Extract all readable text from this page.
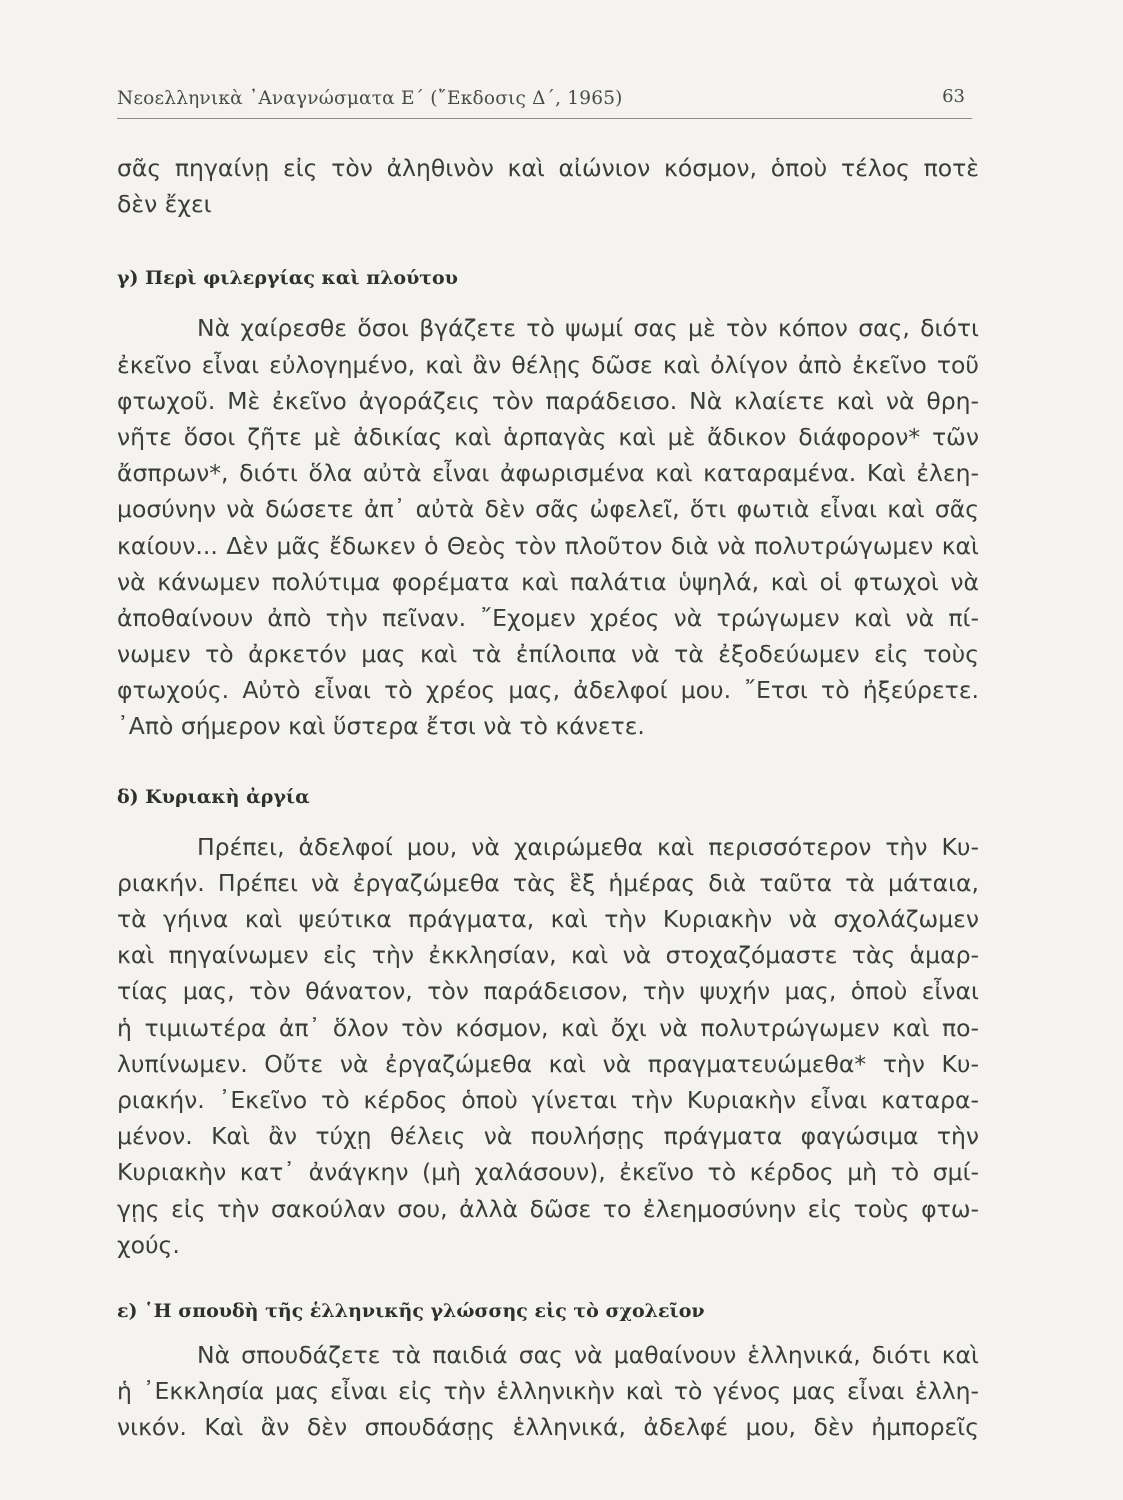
Νεοελληνικὰ ᾿Αναγνώσματα Ε΄ (῎Εκδοσις Δ΄, 1965)	63
σᾶς πηγαίνῃ εἰς τὸν ἀληθινὸν καὶ αἰώνιον κόσμον, ὁποὺ τέλος ποτὲ
δὲν ἔχει
γ) Περὶ φιλεργίας καὶ πλούτου
Νὰ χαίρεσθε ὅσοι βγάζετε τὸ ψωμί σας μὲ τὸν κόπον σας, διότι
ἐκεῖνο εἶναι εὐλογημένο, καὶ ἂν θέλῃς δῶσε καὶ ὀλίγον ἀπὸ ἐκεῖνο τοῦ
φτωχοῦ. Μὲ ἐκεῖνο ἀγοράζεις τὸν παράδεισο. Νὰ κλαίετε καὶ νὰ θρη-
νῆτε ὅσοι ζῆτε μὲ ἀδικίας καὶ ἁρπαγὰς καὶ μὲ ἄδικον διάφορον* τῶν
ἄσπρων*, διότι ὅλα αὐτὰ εἶναι ἀφωρισμένα καὶ καταραμένα. Καὶ ἐλεη-
μοσύνην νὰ δώσετε ἀπ᾿ αὐτὰ δὲν σᾶς ὠφελεῖ, ὅτι φωτιὰ εἶναι καὶ σᾶς
καίουν... Δὲν μᾶς ἔδωκεν ὁ Θεὸς τὸν πλοῦτον διὰ νὰ πολυτρώγωμεν καὶ
νὰ κάνωμεν πολύτιμα φορέματα καὶ παλάτια ὑψηλά, καὶ οἱ φτωχοὶ νὰ
ἀποθαίνουν ἀπὸ τὴν πεῖναν. ῎Εχομεν χρέος νὰ τρώγωμεν καὶ νὰ πί-
νωμεν τὸ ἀρκετόν μας καὶ τὰ ἐπίλοιπα νὰ τὰ ἐξοδεύωμεν εἰς τοὺς
φτωχούς. Αὐτὸ εἶναι τὸ χρέος μας, ἀδελφοί μου. ῎Ετσι τὸ ἠξεύρετε.
᾿Απὸ σήμερον καὶ ὕστερα ἔτσι νὰ τὸ κάνετε.
δ) Κυριακὴ ἀργία
Πρέπει, ἀδελφοί μου, νὰ χαιρώμεθα καὶ περισσότερον τὴν Κυ-
ριακήν. Πρέπει νὰ ἐργαζώμεθα τὰς ἓξ ἡμέρας διὰ ταῦτα τὰ μάταια,
τὰ γήινα καὶ ψεύτικα πράγματα, καὶ τὴν Κυριακὴν νὰ σχολάζωμεν
καὶ πηγαίνωμεν εἰς τὴν ἐκκλησίαν, καὶ νὰ στοχαζόμαστε τὰς ἁμαρ-
τίας μας, τὸν θάνατον, τὸν παράδεισον, τὴν ψυχήν μας, ὁποὺ εἶναι
ἡ τιμιωτέρα ἀπ᾿ ὅλον τὸν κόσμον, καὶ ὄχι νὰ πολυτρώγωμεν καὶ πο-
λυπίνωμεν. Οὔτε νὰ ἐργαζώμεθα καὶ νὰ πραγματευώμεθα* τὴν Κυ-
ριακήν. ᾿Εκεῖνο τὸ κέρδος ὁποὺ γίνεται τὴν Κυριακὴν εἶναι καταρα-
μένον. Καὶ ἂν τύχῃ θέλεις νὰ πουλήσῃς πράγματα φαγώσιμα τὴν
Κυριακὴν κατ᾿ ἀνάγκην (μὴ χαλάσουν), ἐκεῖνο τὸ κέρδος μὴ τὸ σμί-
γῃς εἰς τὴν σακούλαν σου, ἀλλὰ δῶσε το ἐλεημοσύνην εἰς τοὺς φτω-
χούς.
ε) ῾Η σπουδὴ τῆς ἑλληνικῆς γλώσσης εἰς τὸ σχολεῖον
Νὰ σπουδάζετε τὰ παιδιά σας νὰ μαθαίνουν ἑλληνικά, διότι καὶ
ἡ ᾿Εκκλησία μας εἶναι εἰς τὴν ἑλληνικὴν καὶ τὸ γένος μας εἶναι ἑλλη-
νικόν. Καὶ ἂν δὲν σπουδάσῃς ἑλληνικά, ἀδελφέ μου, δὲν ἠμπορεῖς
